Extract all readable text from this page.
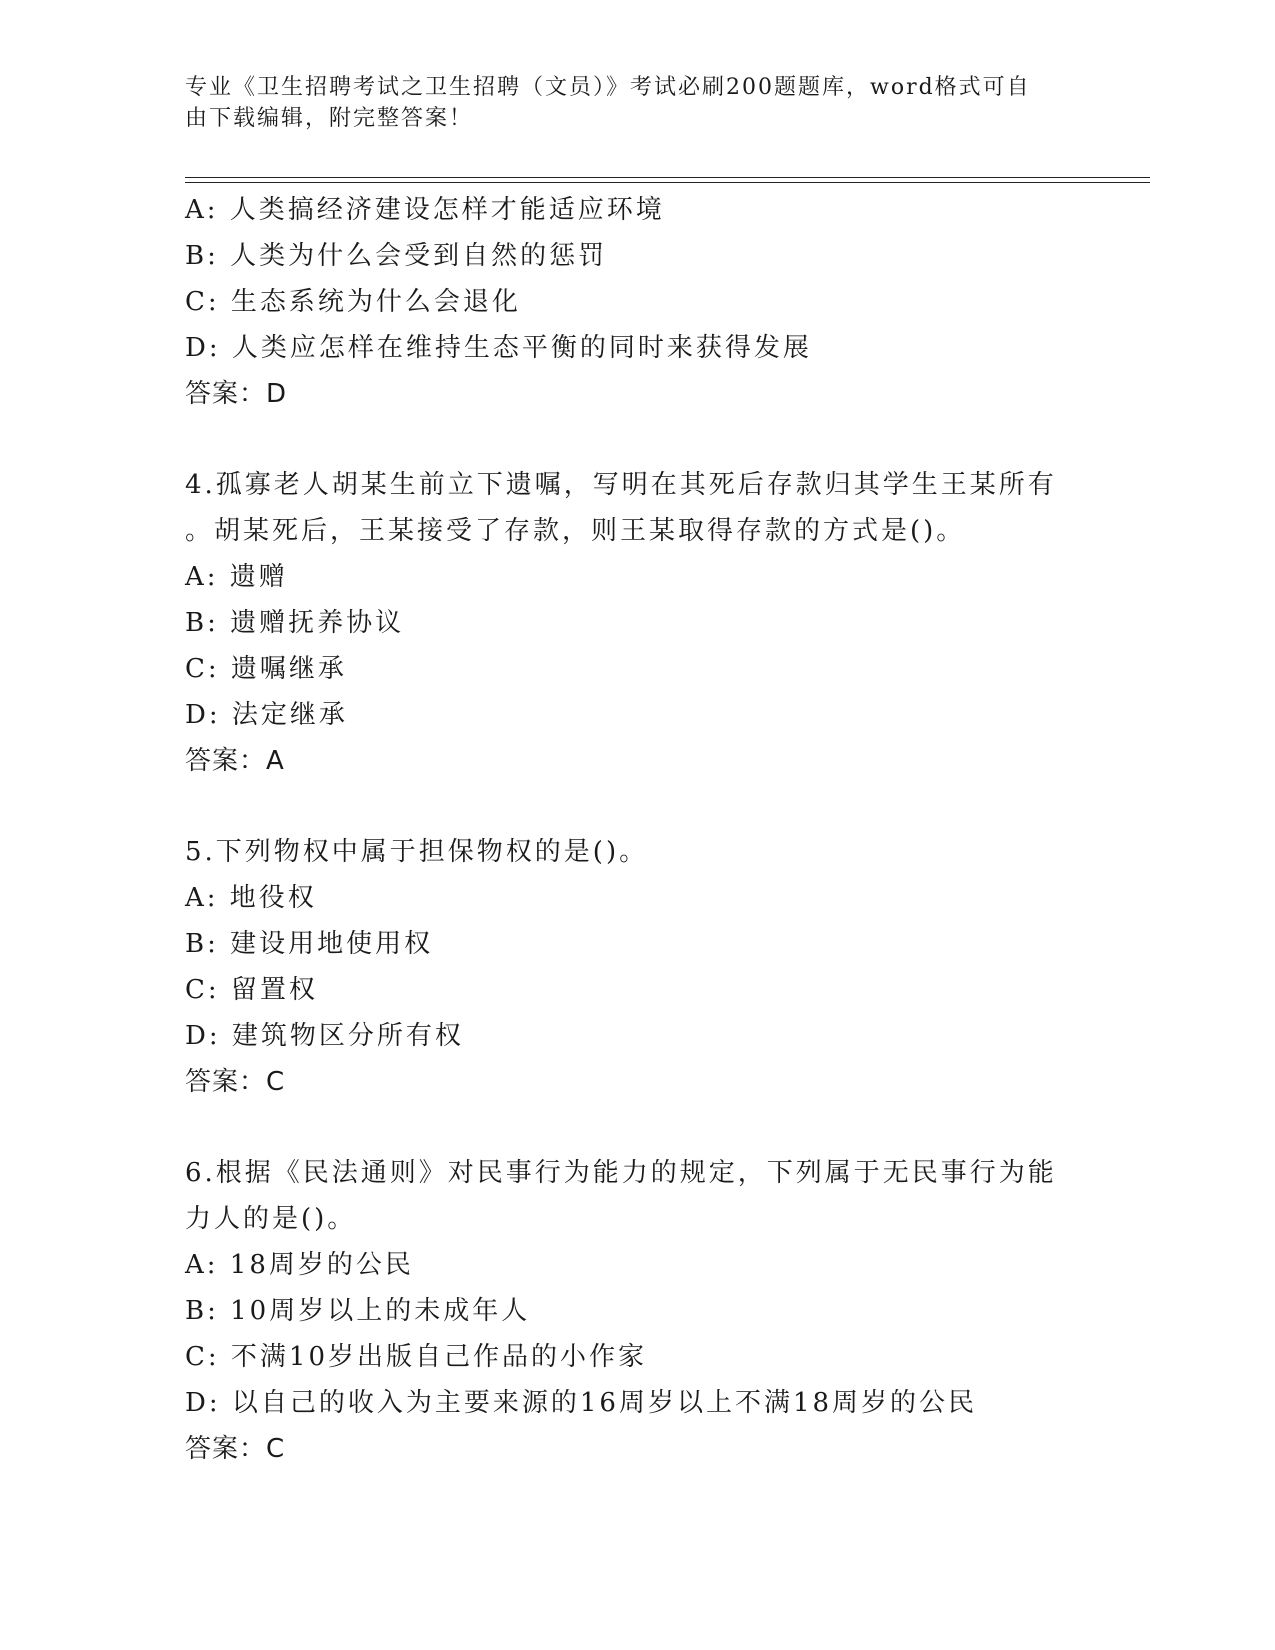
专业《卫生招聘考试之卫生招聘（文员）》考试必刷200题题库，word格式可自
由下载编辑，附完整答案！
A: 人类搞经济建设怎样才能适应环境
B: 人类为什么会受到自然的惩罚
C: 生态系统为什么会退化
D: 人类应怎样在维持生态平衡的同时来获得发展
答案：D
4.孤寡老人胡某生前立下遗嘱，写明在其死后存款归其学生王某所有
。胡某死后，王某接受了存款，则王某取得存款的方式是()。
A: 遗赠
B: 遗赠抚养协议
C: 遗嘱继承
D: 法定继承
答案：A
5.下列物权中属于担保物权的是()。
A: 地役权
B: 建设用地使用权
C: 留置权
D: 建筑物区分所有权
答案：C
6.根据《民法通则》对民事行为能力的规定，下列属于无民事行为能
力人的是()。
A: 18周岁的公民
B: 10周岁以上的未成年人
C: 不满10岁出版自己作品的小作家
D: 以自己的收入为主要来源的16周岁以上不满18周岁的公民
答案：C
